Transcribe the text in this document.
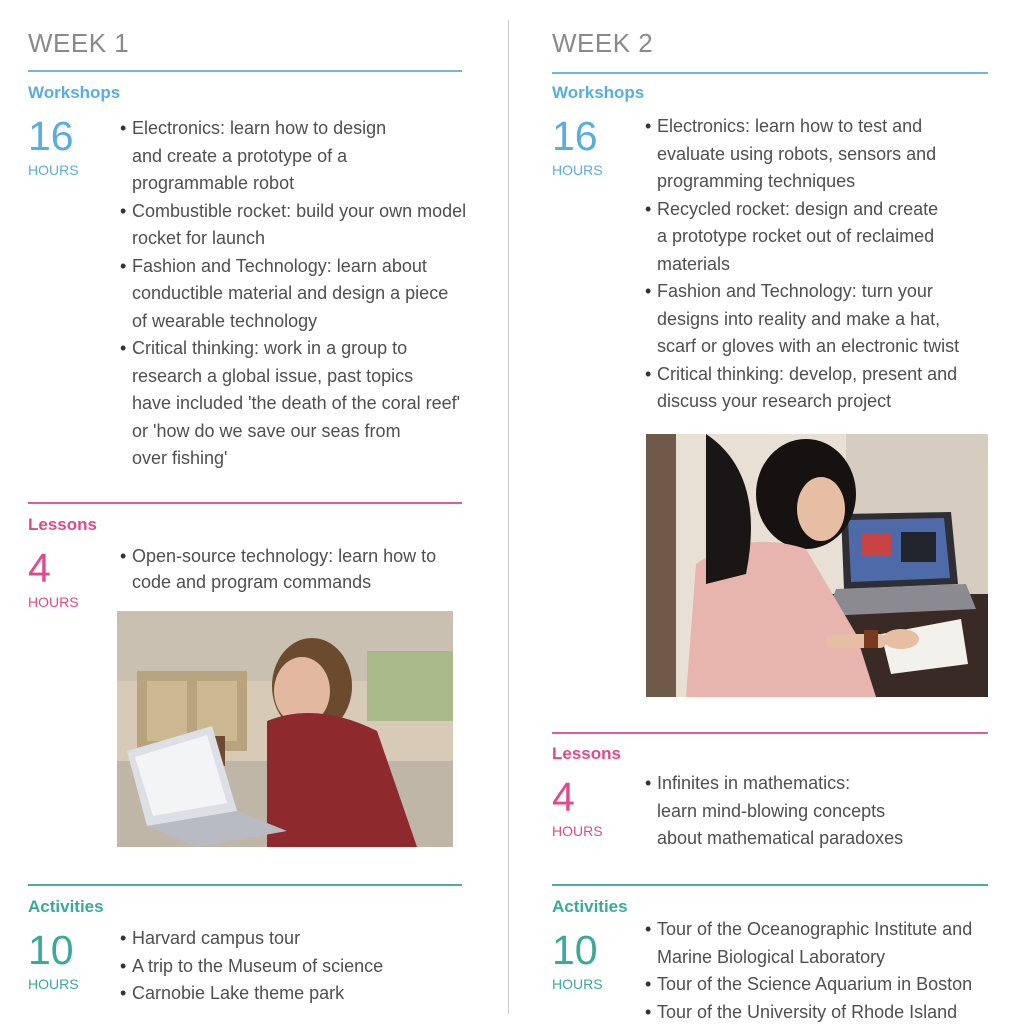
WEEK 1
Workshops
16
HOURS
• Electronics: learn how to design
and create a prototype of a
programmable robot
• Combustible rocket: build your own model
rocket for launch
• Fashion and Technology: learn about
conductible material and design a piece
of wearable technology
• Critical thinking: work in a group to
research a global issue, past topics
have included 'the death of the coral reef'
or 'how do we save our seas from
over fishing'
Lessons
4
HOURS
• Open-source technology: learn how to
code and program commands
Activities
10
HOURS
• Harvard campus tour
• A trip to the Museum of science
• Carnobie Lake theme park
WEEK 2
Workshops
16
HOURS
• Electronics: learn how to test and
evaluate using robots, sensors and
programming techniques
• Recycled rocket: design and create
a prototype rocket out of reclaimed
materials
• Fashion and Technology: turn your
designs into reality and make a hat,
scarf or gloves with an electronic twist
• Critical thinking: develop, present and
discuss your research project
Lessons
4
HOURS
• Infinites in mathematics:
learn mind-blowing concepts
about mathematical paradoxes
Activities
10
HOURS
• Tour of the Oceanographic Institute and
Marine Biological Laboratory
• Tour of the Science Aquarium in Boston
• Tour of the University of Rhode Island
